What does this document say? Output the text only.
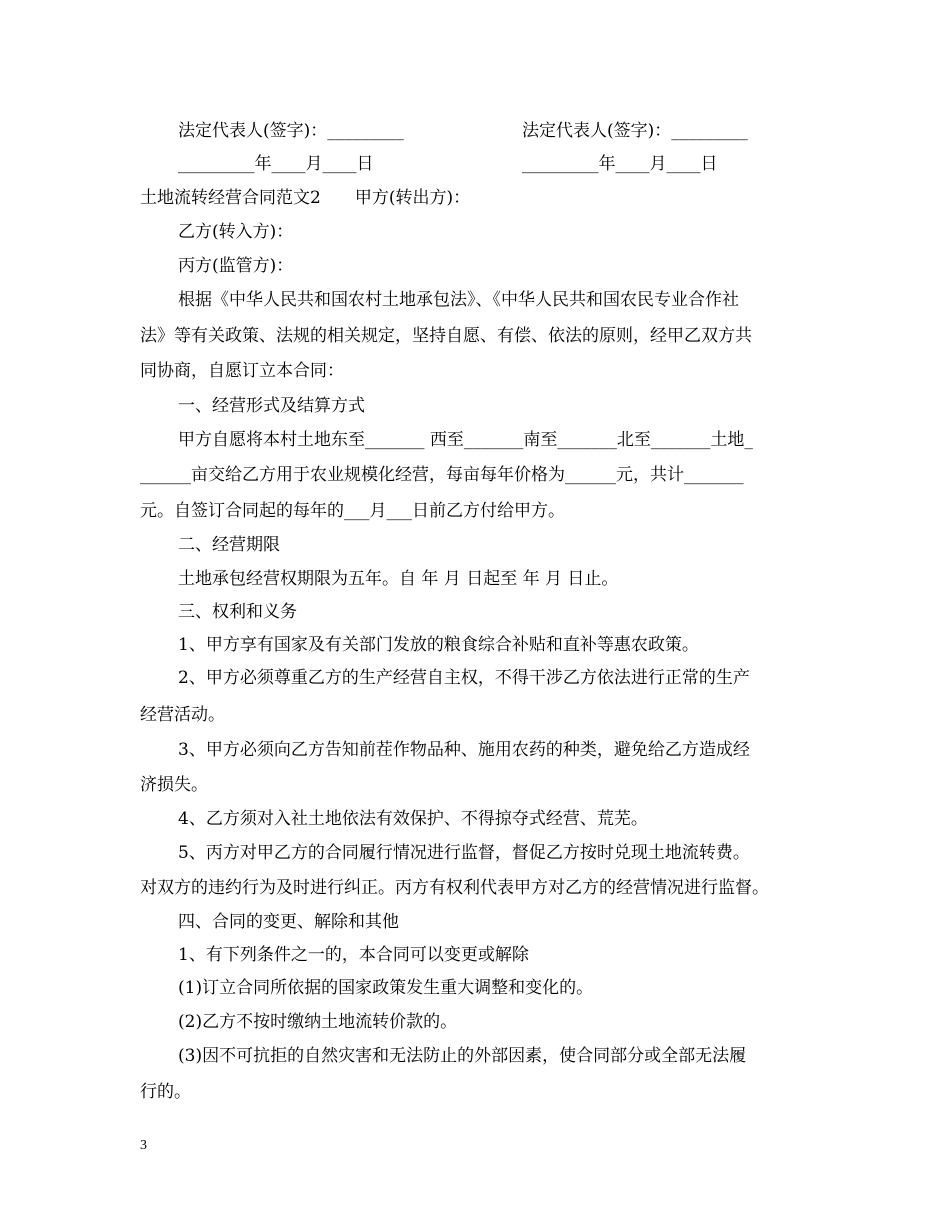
法定代表人(签字)：_________	法定代表人(签字)：_________
_________年____月____日	_________年____月____日
土地流转经营合同范文2　　甲方(转出方)：
乙方(转入方)：
丙方(监管方)：
根据《中华人民共和国农村土地承包法》、《中华人民共和国农民专业合作社
法》等有关政策、法规的相关规定，坚持自愿、有偿、依法的原则，经甲乙双方共
同协商，自愿订立本合同：
一、经营形式及结算方式
甲方自愿将本村土地东至_______ 西至_______南至_______北至_______土地_
______亩交给乙方用于农业规模化经营，每亩每年价格为______元，共计_______
元。自签订合同起的每年的___月___日前乙方付给甲方。
二、经营期限
土地承包经营权期限为五年。自 年 月 日起至 年 月 日止。
三、权利和义务
1、甲方享有国家及有关部门发放的粮食综合补贴和直补等惠农政策。
2、甲方必须尊重乙方的生产经营自主权，不得干涉乙方依法进行正常的生产
经营活动。
3、甲方必须向乙方告知前茬作物品种、施用农药的种类，避免给乙方造成经
济损失。
4、乙方须对入社土地依法有效保护、不得掠夺式经营、荒芜。
5、丙方对甲乙方的合同履行情况进行监督，督促乙方按时兑现土地流转费。
对双方的违约行为及时进行纠正。丙方有权利代表甲方对乙方的经营情况进行监督。
四、合同的变更、解除和其他
1、有下列条件之一的，本合同可以变更或解除
(1)订立合同所依据的国家政策发生重大调整和变化的。
(2)乙方不按时缴纳土地流转价款的。
(3)因不可抗拒的自然灾害和无法防止的外部因素，使合同部分或全部无法履
行的。
3
